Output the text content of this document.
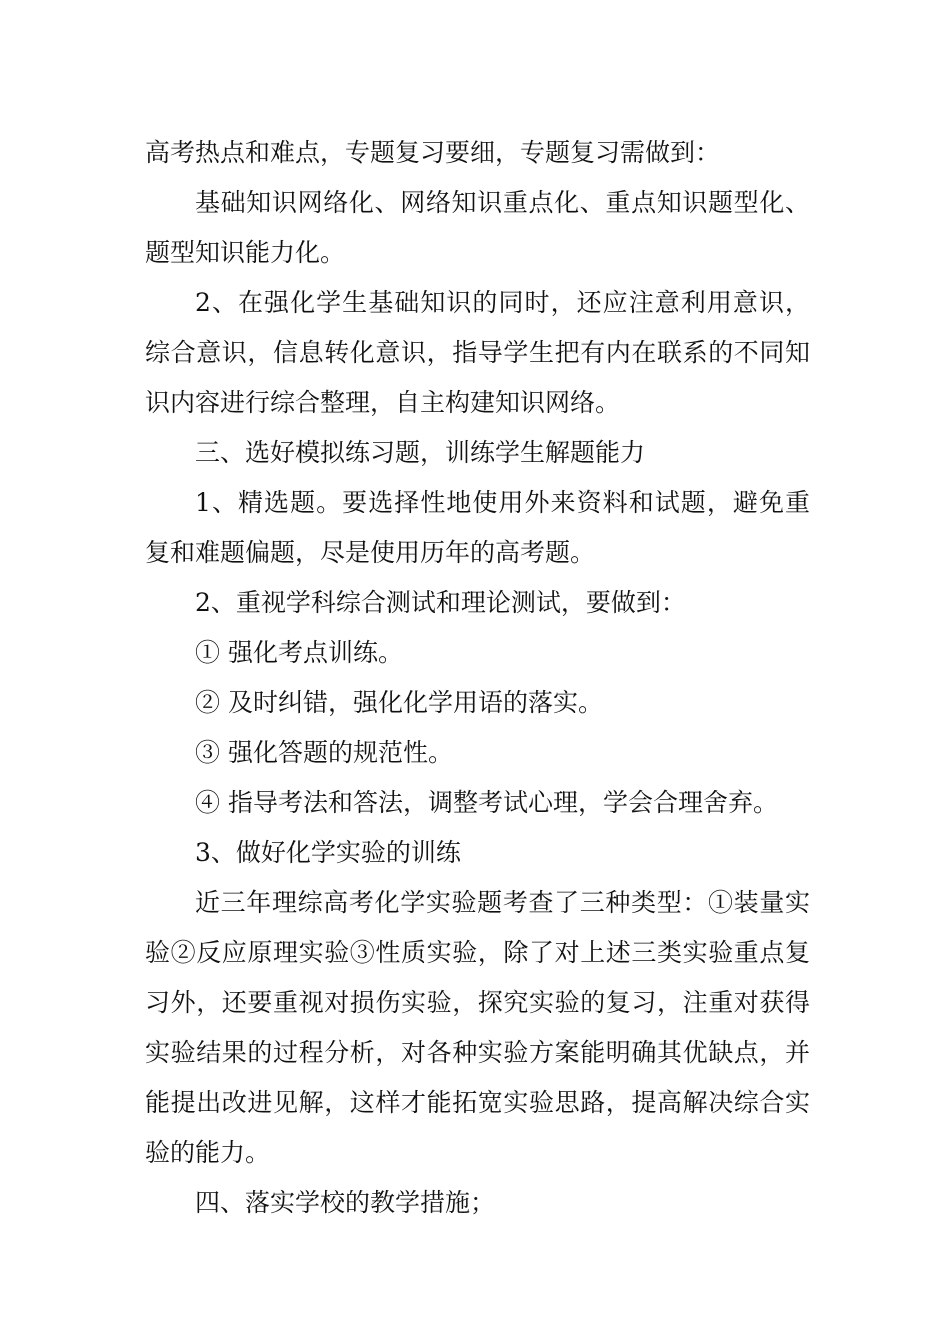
高考热点和难点，专题复习要细，专题复习需做到：

基础知识网络化、网络知识重点化、重点知识题型化、题型知识能力化。

2、在强化学生基础知识的同时，还应注意利用意识，综合意识，信息转化意识，指导学生把有内在联系的不同知识内容进行综合整理，自主构建知识网络。

三、选好模拟练习题，训练学生解题能力

1、精选题。要选择性地使用外来资料和试题，避免重复和难题偏题，尽是使用历年的高考题。

2、重视学科综合测试和理论测试，要做到：

① 强化考点训练。

② 及时纠错，强化化学用语的落实。

③ 强化答题的规范性。

④ 指导考法和答法，调整考试心理，学会合理舍弃。

3、做好化学实验的训练

近三年理综高考化学实验题考查了三种类型：①装量实验②反应原理实验③性质实验，除了对上述三类实验重点复习外，还要重视对损伤实验，探究实验的复习，注重对获得实验结果的过程分析，对各种实验方案能明确其优缺点，并能提出改进见解，这样才能拓宽实验思路，提高解决综合实验的能力。

四、落实学校的教学措施；
